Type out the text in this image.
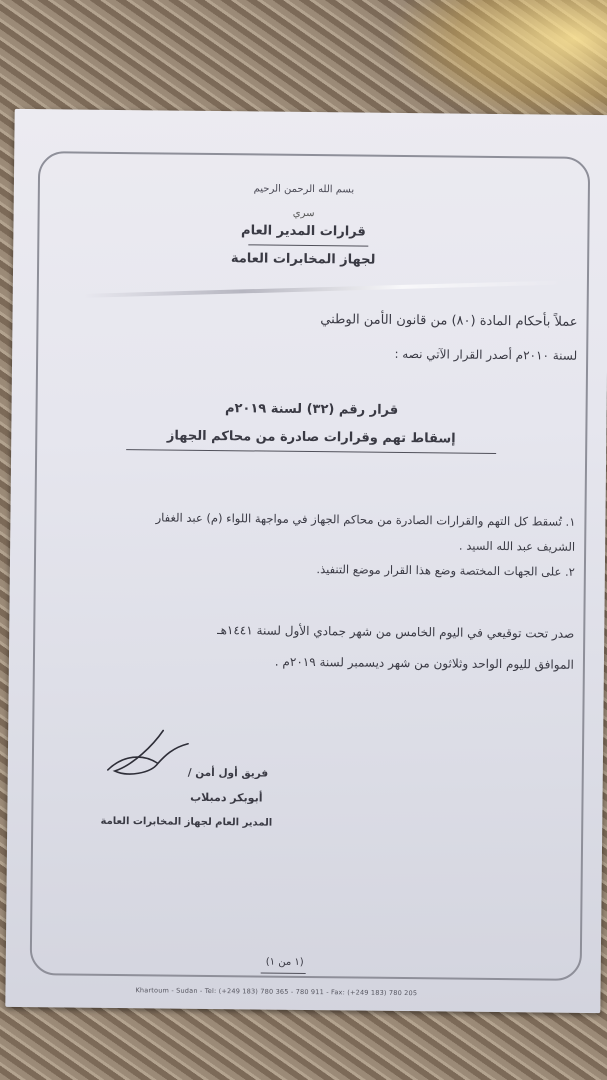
بسم الله الرحمن الرحيم
سري
قرارات المدير العام
لجهاز المخابرات العامة
عملاً بأحكام المادة (٨٠) من قانون الأمن الوطني
لسنة ٢٠١٠م أصدر القرار الآتي نصه :
قرار رقم (٣٢) لسنة ٢٠١٩م
إسقاط تهم وقرارات صادرة من محاكم الجهاز
١. تُسقط كل التهم والقرارات الصادرة من محاكم الجهاز في مواجهة اللواء (م) عبد الغفار
الشريف عبد الله السيد .
٢. على الجهات المختصة وضع هذا القرار موضع التنفيذ.
صدر تحت توقيعي في اليوم الخامس من شهر جمادي الأول لسنة ١٤٤١هـ
الموافق لليوم الواحد وثلاثون من شهر ديسمبر لسنة ٢٠١٩م .
فريق أول أمن /
أبوبكر دمبلاب
المدير العام لجهاز المخابرات العامة
(١ من ١)
Khartoum - Sudan - Tel: (+249 183) 780 365 - 780 911 - Fax: (+249 183) 780 205
